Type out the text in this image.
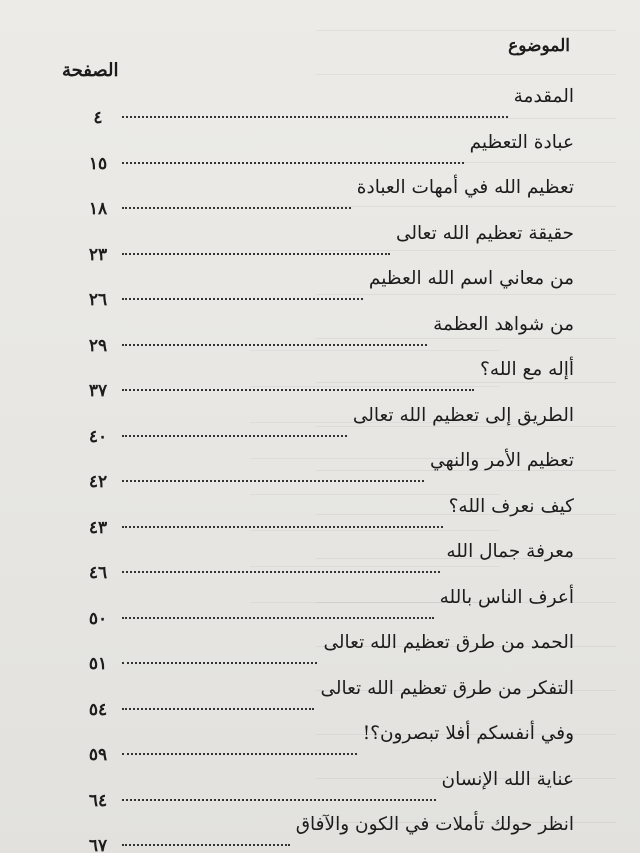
الموضوع
الصفحة
المقدمة
٤
عبادة التعظيم
١٥
تعظيم الله في أمهات العبادة
١٨
حقيقة تعظيم الله تعالى
٢٣
من معاني اسم الله العظيم
٢٦
من شواهد العظمة
٢٩
أإله مع الله؟
٣٧
الطريق إلى تعظيم الله تعالى
٤٠
تعظيم الأمر والنهي
٤٢
كيف نعرف الله؟
٤٣
معرفة جمال الله
٤٦
أعرف الناس بالله
٥٠
الحمد من طرق تعظيم الله تعالى
٥١
التفكر من طرق تعظيم الله تعالى
٥٤
وفي أنفسكم أفلا تبصرون؟!
٥٩
عناية الله الإنسان
٦٤
انظر حولك تأملات في الكون والآفاق
٦٧
